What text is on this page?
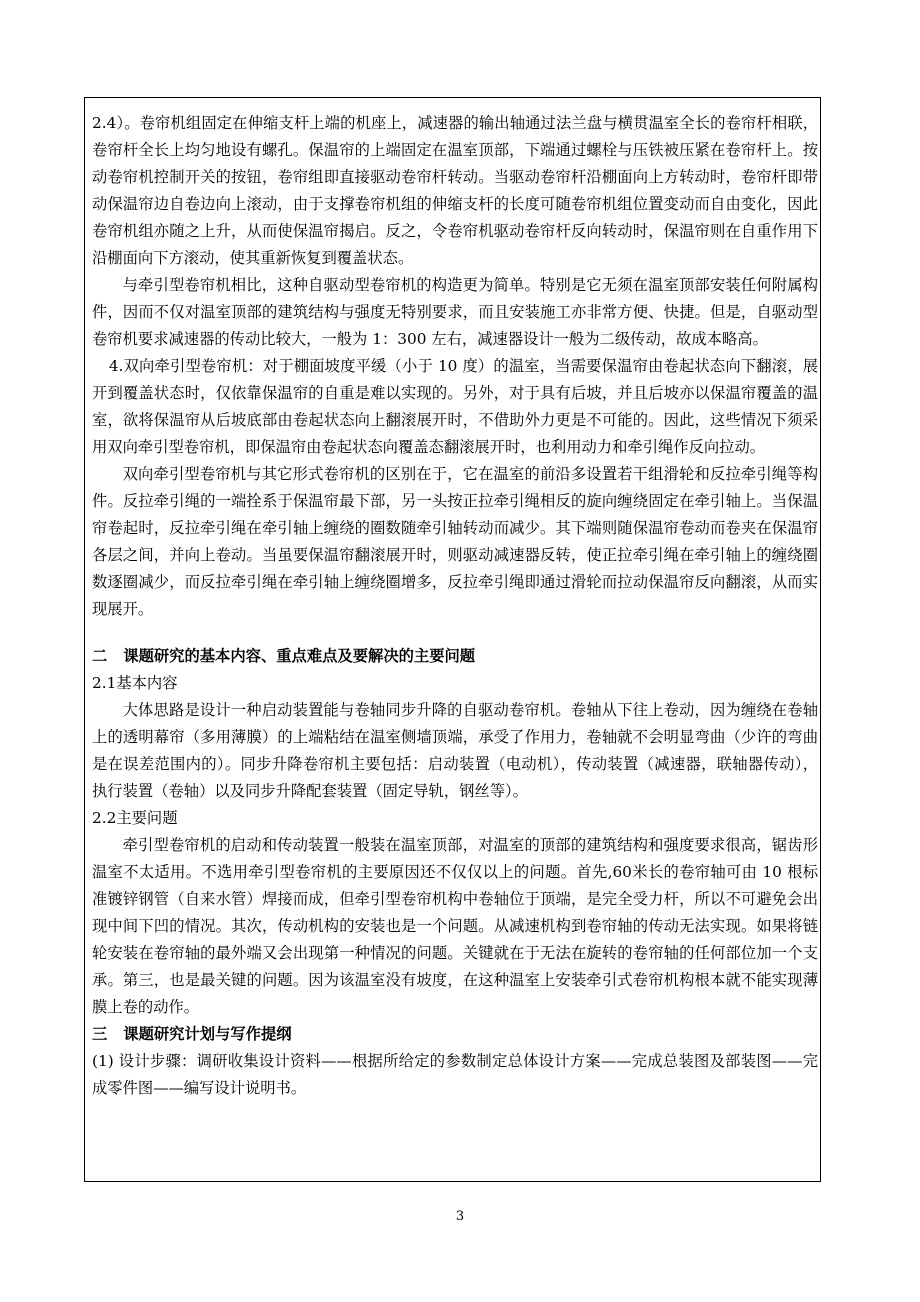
2.4）。卷帘机组固定在伸缩支杆上端的机座上，减速器的输出轴通过法兰盘与横贯温室全长的卷帘杆相联，卷帘杆全长上均匀地设有螺孔。保温帘的上端固定在温室顶部，下端通过螺栓与压铁被压紧在卷帘杆上。按动卷帘机控制开关的按钮，卷帘组即直接驱动卷帘杆转动。当驱动卷帘杆沿棚面向上方转动时，卷帘杆即带动保温帘边自卷边向上滚动，由于支撑卷帘机组的伸缩支杆的长度可随卷帘机组位置变动而自由变化，因此卷帘机组亦随之上升，从而使保温帘揭启。反之，令卷帘机驱动卷帘杆反向转动时，保温帘则在自重作用下沿棚面向下方滚动，使其重新恢复到覆盖状态。

与牵引型卷帘机相比，这种自驱动型卷帘机的构造更为简单。特别是它无须在温室顶部安装任何附属构件，因而不仅对温室顶部的建筑结构与强度无特别要求，而且安装施工亦非常方便、快捷。但是，自驱动型卷帘机要求减速器的传动比较大，一般为 1：300 左右，减速器设计一般为二级传动，故成本略高。

4.双向牵引型卷帘机：对于棚面坡度平缓（小于 10 度）的温室，当需要保温帘由卷起状态向下翻滚，展开到覆盖状态时，仅依靠保温帘的自重是难以实现的。另外，对于具有后坡，并且后坡亦以保温帘覆盖的温室，欲将保温帘从后坡底部由卷起状态向上翻滚展开时，不借助外力更是不可能的。因此，这些情况下须采用双向牵引型卷帘机，即保温帘由卷起状态向覆盖态翻滚展开时，也利用动力和牵引绳作反向拉动。

双向牵引型卷帘机与其它形式卷帘机的区别在于，它在温室的前沿多设置若干组滑轮和反拉牵引绳等构件。反拉牵引绳的一端拴系于保温帘最下部，另一头按正拉牵引绳相反的旋向缠绕固定在牵引轴上。当保温帘卷起时，反拉牵引绳在牵引轴上缠绕的圈数随牵引轴转动而减少。其下端则随保温帘卷动而卷夹在保温帘各层之间，并向上卷动。当虽要保温帘翻滚展开时，则驱动减速器反转，使正拉牵引绳在牵引轴上的缠绕圈数逐圈减少，而反拉牵引绳在牵引轴上缠绕圈增多，反拉牵引绳即通过滑轮而拉动保温帘反向翻滚，从而实现展开。

二   课题研究的基本内容、重点难点及要解决的主要问题

2.1基本内容

大体思路是设计一种启动装置能与卷轴同步升降的自驱动卷帘机。卷轴从下往上卷动，因为缠绕在卷轴上的透明幕帘（多用薄膜）的上端粘结在温室侧墙顶端，承受了作用力，卷轴就不会明显弯曲（少许的弯曲是在误差范围内的）。同步升降卷帘机主要包括：启动装置（电动机），传动装置（减速器，联轴器传动），执行装置（卷轴）以及同步升降配套装置（固定导轨，钢丝等）。

2.2主要问题

牵引型卷帘机的启动和传动装置一般装在温室顶部，对温室的顶部的建筑结构和强度要求很高，锯齿形温室不太适用。不选用牵引型卷帘机的主要原因还不仅仅以上的问题。首先,60米长的卷帘轴可由 10 根标准镀锌钢管（自来水管）焊接而成，但牵引型卷帘机构中卷轴位于顶端，是完全受力杆，所以不可避免会出现中间下凹的情况。其次，传动机构的安装也是一个问题。从减速机构到卷帘轴的传动无法实现。如果将链轮安装在卷帘轴的最外端又会出现第一种情况的问题。关键就在于无法在旋转的卷帘轴的任何部位加一个支承。第三，也是最关键的问题。因为该温室没有坡度，在这种温室上安装牵引式卷帘机构根本就不能实现薄膜上卷的动作。

三   课题研究计划与写作提纲

(1) 设计步骤：调研收集设计资料——根据所给定的参数制定总体设计方案——完成总装图及部装图——完成零件图——编写设计说明书。

3
